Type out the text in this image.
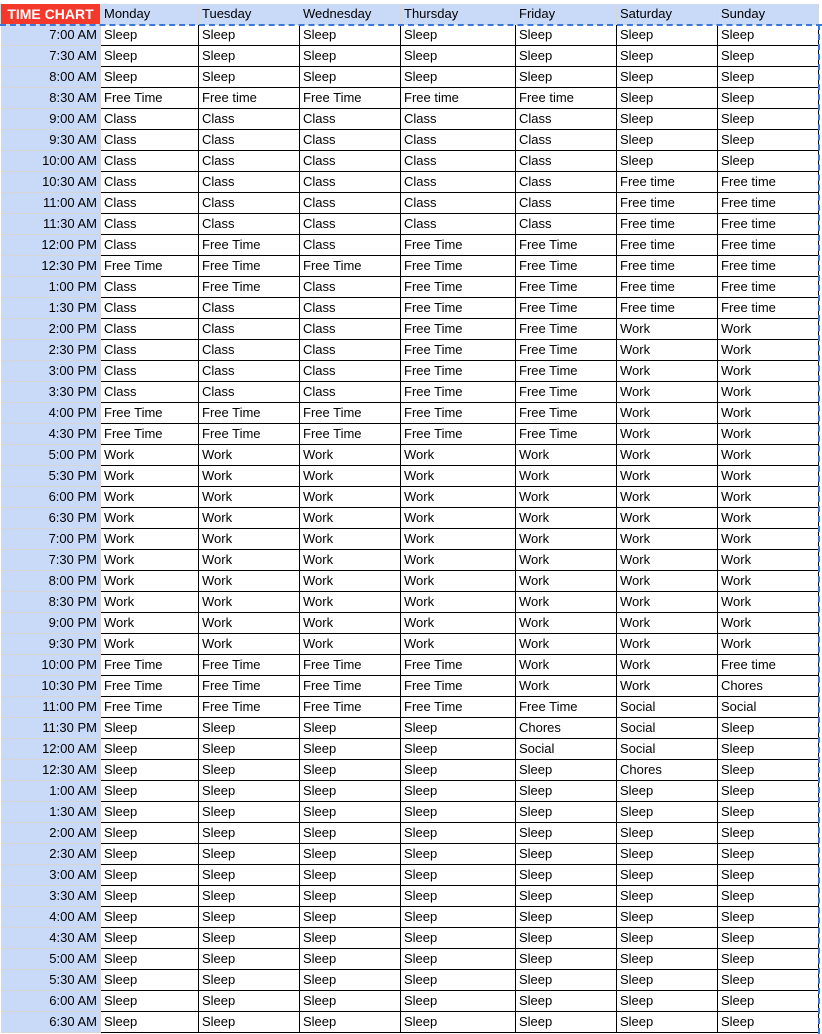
TIME CHART	Monday	Tuesday	Wednesday	Thursday	Friday	Saturday	Sunday
7:00 AM	Sleep	Sleep	Sleep	Sleep	Sleep	Sleep	Sleep
7:30 AM	Sleep	Sleep	Sleep	Sleep	Sleep	Sleep	Sleep
8:00 AM	Sleep	Sleep	Sleep	Sleep	Sleep	Sleep	Sleep
8:30 AM	Free Time	Free time	Free Time	Free time	Free time	Sleep	Sleep
9:00 AM	Class	Class	Class	Class	Class	Sleep	Sleep
9:30 AM	Class	Class	Class	Class	Class	Sleep	Sleep
10:00 AM	Class	Class	Class	Class	Class	Sleep	Sleep
10:30 AM	Class	Class	Class	Class	Class	Free time	Free time
11:00 AM	Class	Class	Class	Class	Class	Free time	Free time
11:30 AM	Class	Class	Class	Class	Class	Free time	Free time
12:00 PM	Class	Free Time	Class	Free Time	Free Time	Free time	Free time
12:30 PM	Free Time	Free Time	Free Time	Free Time	Free Time	Free time	Free time
1:00 PM	Class	Free Time	Class	Free Time	Free Time	Free time	Free time
1:30 PM	Class	Class	Class	Free Time	Free Time	Free time	Free time
2:00 PM	Class	Class	Class	Free Time	Free Time	Work	Work
2:30 PM	Class	Class	Class	Free Time	Free Time	Work	Work
3:00 PM	Class	Class	Class	Free Time	Free Time	Work	Work
3:30 PM	Class	Class	Class	Free Time	Free Time	Work	Work
4:00 PM	Free Time	Free Time	Free Time	Free Time	Free Time	Work	Work
4:30 PM	Free Time	Free Time	Free Time	Free Time	Free Time	Work	Work
5:00 PM	Work	Work	Work	Work	Work	Work	Work
5:30 PM	Work	Work	Work	Work	Work	Work	Work
6:00 PM	Work	Work	Work	Work	Work	Work	Work
6:30 PM	Work	Work	Work	Work	Work	Work	Work
7:00 PM	Work	Work	Work	Work	Work	Work	Work
7:30 PM	Work	Work	Work	Work	Work	Work	Work
8:00 PM	Work	Work	Work	Work	Work	Work	Work
8:30 PM	Work	Work	Work	Work	Work	Work	Work
9:00 PM	Work	Work	Work	Work	Work	Work	Work
9:30 PM	Work	Work	Work	Work	Work	Work	Work
10:00 PM	Free Time	Free Time	Free Time	Free Time	Work	Work	Free time
10:30 PM	Free Time	Free Time	Free Time	Free Time	Work	Work	Chores
11:00 PM	Free Time	Free Time	Free Time	Free Time	Free Time	Social	Social
11:30 PM	Sleep	Sleep	Sleep	Sleep	Chores	Social	Sleep
12:00 AM	Sleep	Sleep	Sleep	Sleep	Social	Social	Sleep
12:30 AM	Sleep	Sleep	Sleep	Sleep	Sleep	Chores	Sleep
1:00 AM	Sleep	Sleep	Sleep	Sleep	Sleep	Sleep	Sleep
1:30 AM	Sleep	Sleep	Sleep	Sleep	Sleep	Sleep	Sleep
2:00 AM	Sleep	Sleep	Sleep	Sleep	Sleep	Sleep	Sleep
2:30 AM	Sleep	Sleep	Sleep	Sleep	Sleep	Sleep	Sleep
3:00 AM	Sleep	Sleep	Sleep	Sleep	Sleep	Sleep	Sleep
3:30 AM	Sleep	Sleep	Sleep	Sleep	Sleep	Sleep	Sleep
4:00 AM	Sleep	Sleep	Sleep	Sleep	Sleep	Sleep	Sleep
4:30 AM	Sleep	Sleep	Sleep	Sleep	Sleep	Sleep	Sleep
5:00 AM	Sleep	Sleep	Sleep	Sleep	Sleep	Sleep	Sleep
5:30 AM	Sleep	Sleep	Sleep	Sleep	Sleep	Sleep	Sleep
6:00 AM	Sleep	Sleep	Sleep	Sleep	Sleep	Sleep	Sleep
6:30 AM	Sleep	Sleep	Sleep	Sleep	Sleep	Sleep	Sleep
